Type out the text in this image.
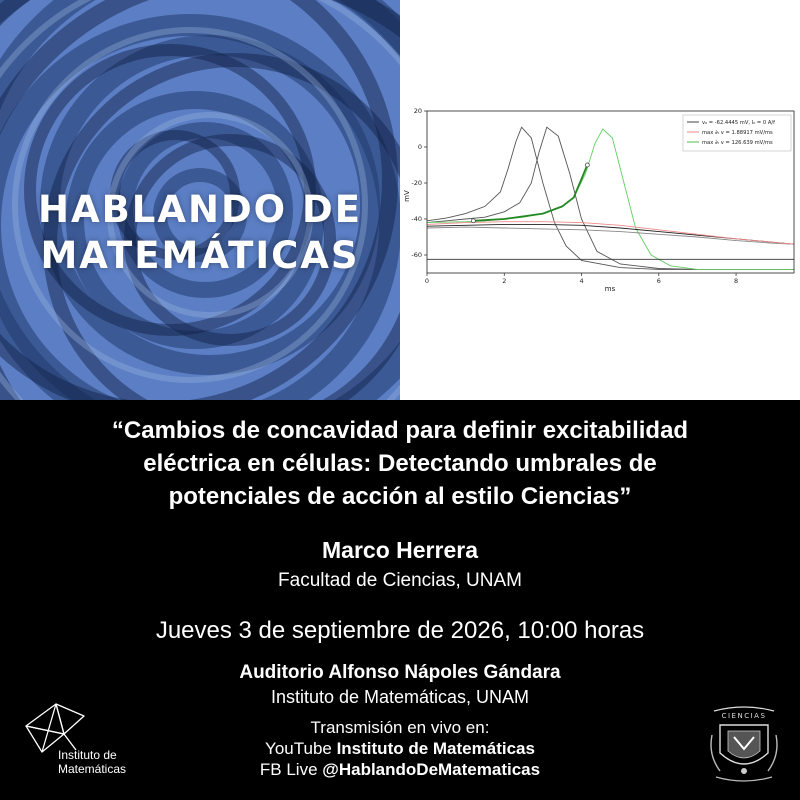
HABLANDO DE
MATEMÁTICAS
0	2	4	6	8
20
0
-20
-40
-60
ms
mV
v₀ = -62.4445 mV, I₀ = 0 A/f
max ∂ₜ v = 1.88917 mV/ms
max ∂ₜ v = 126.639 mV/ms
“Cambios de concavidad para definir excitabilidad
eléctrica en células: Detectando umbrales de
potenciales de acción al estilo Ciencias”
Marco Herrera
Facultad de Ciencias, UNAM
Jueves 3 de septiembre de 2026, 10:00 horas
Auditorio Alfonso Nápoles Gándara
Instituto de Matemáticas, UNAM
Transmisión en vivo en:
YouTube Instituto de Matemáticas
FB Live @HablandoDeMatematicas
Instituto de
Matemáticas
CIENCIAS
